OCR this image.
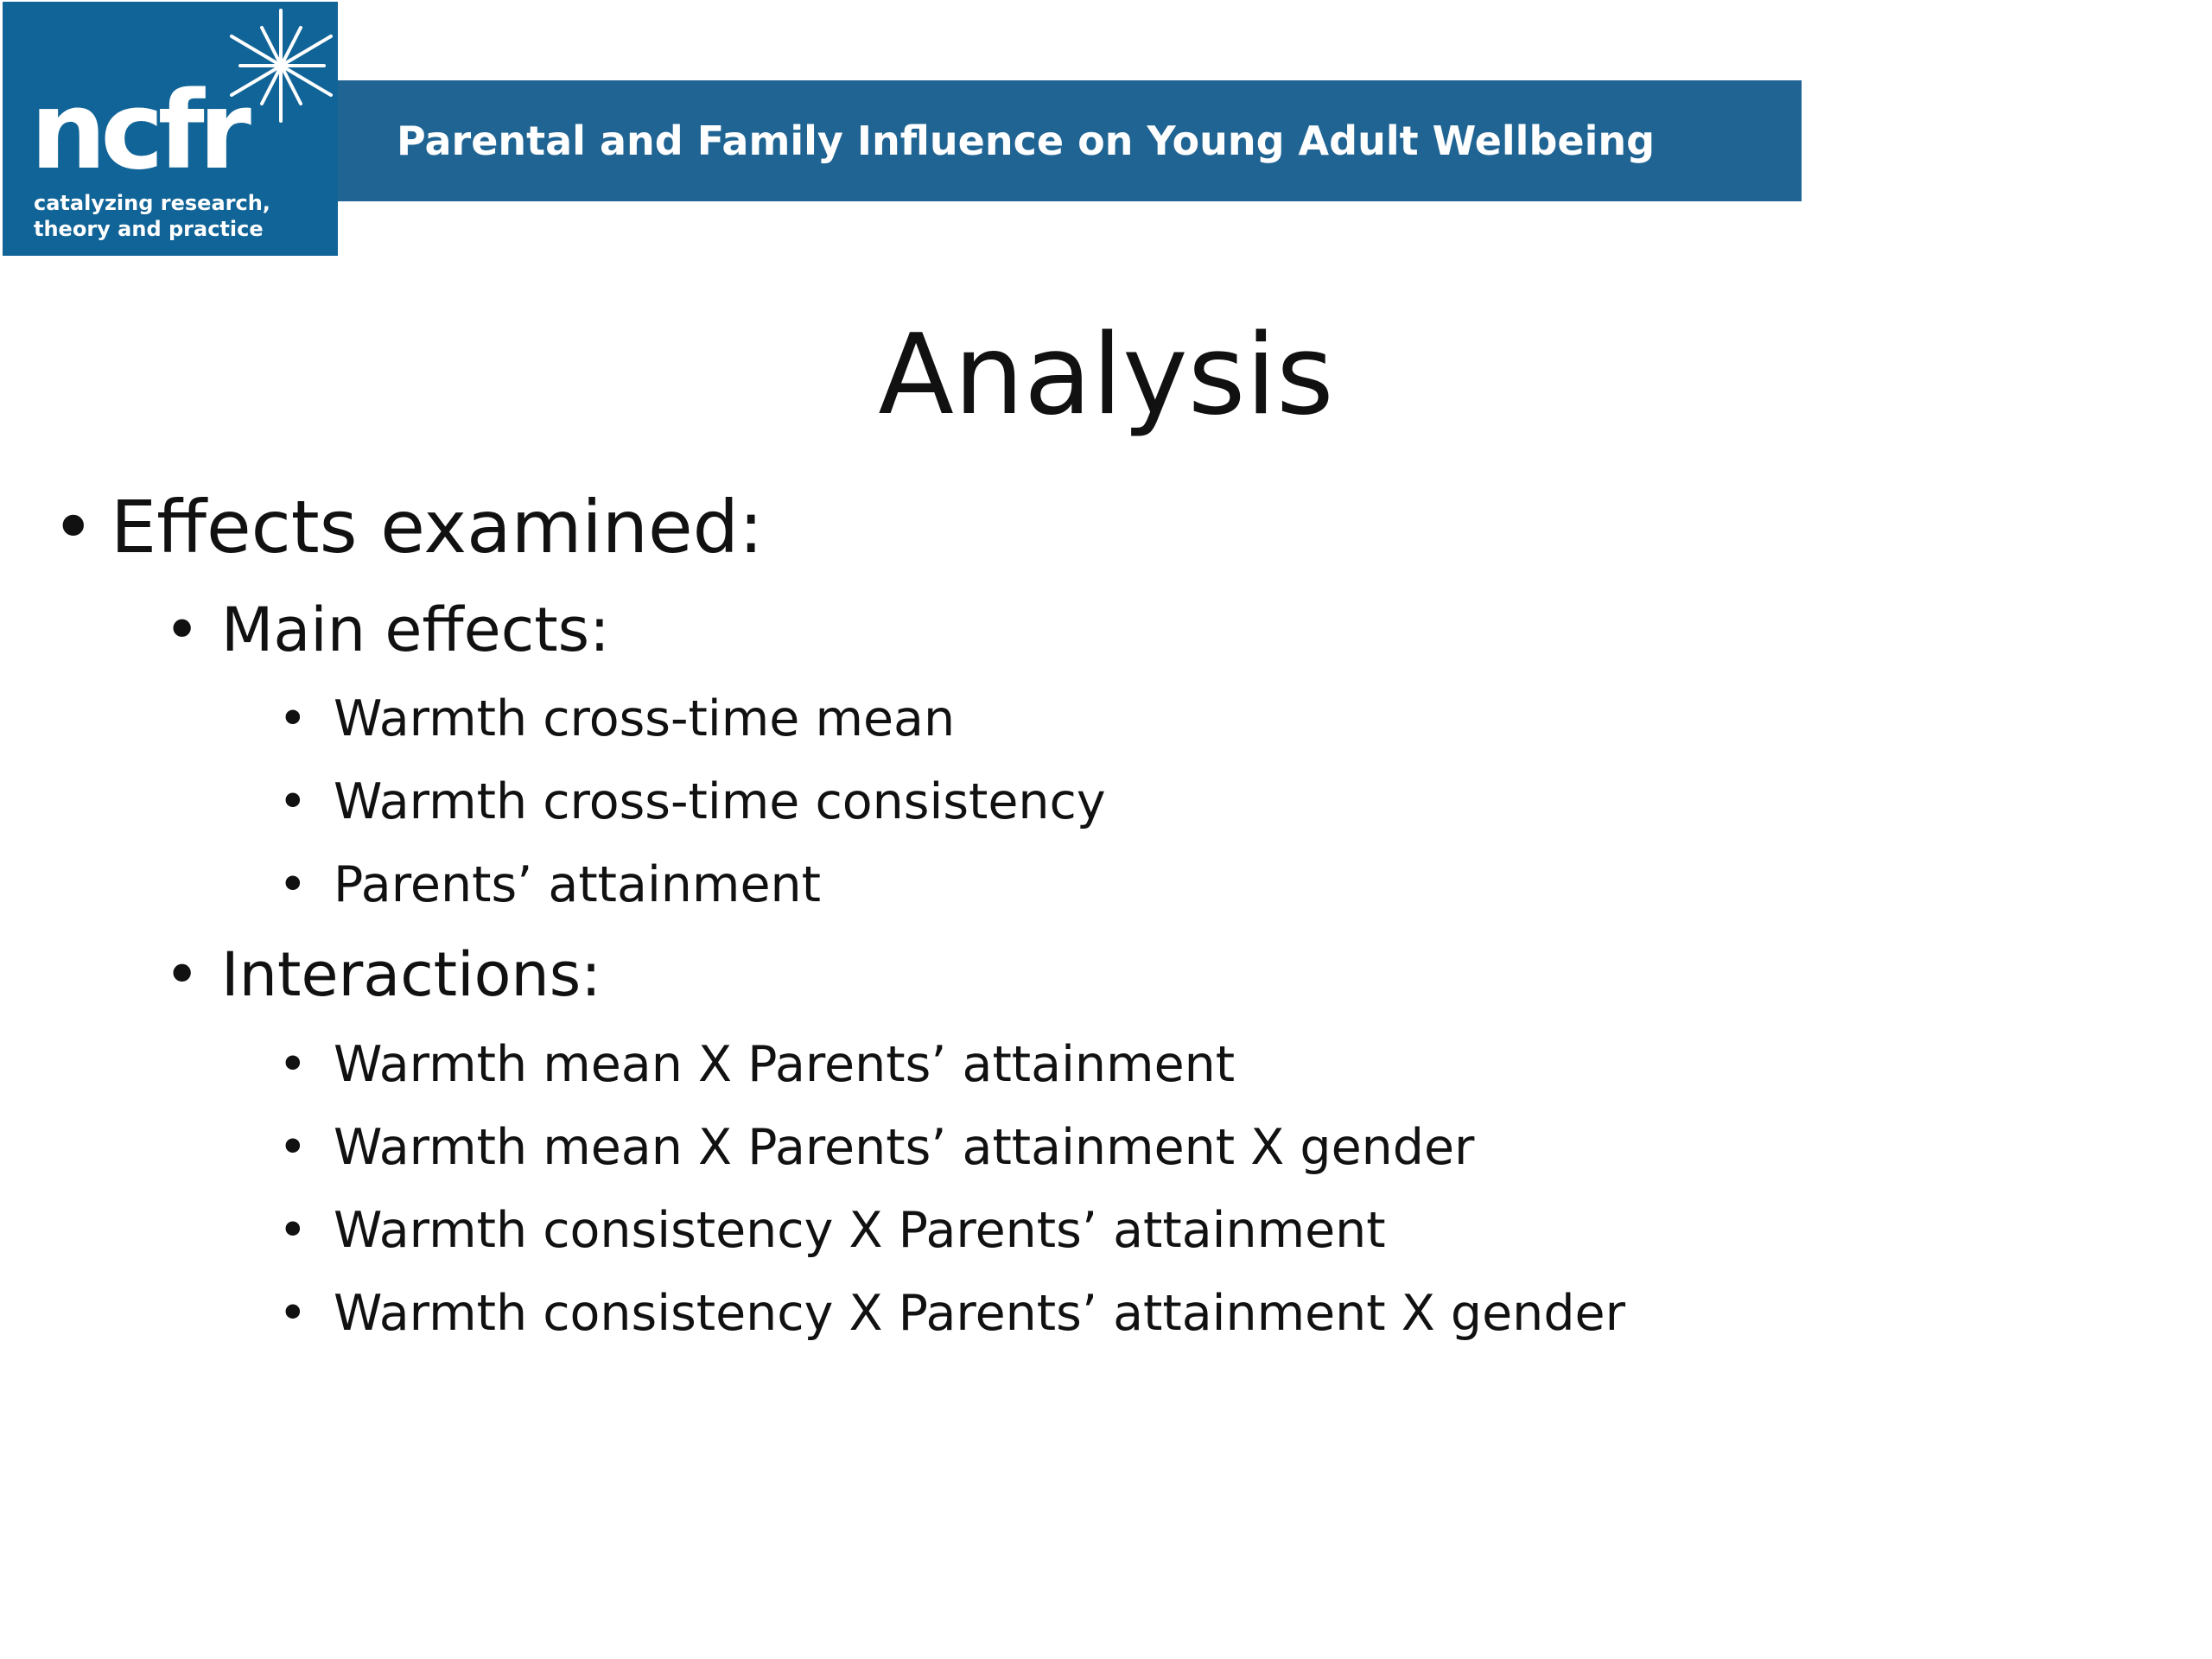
ncfr
catalyzing research,
theory and practice
Parental and Family Influence on Young Adult Wellbeing
Analysis
• Effects examined:
• Main effects:
• Warmth cross-time mean
• Warmth cross-time consistency
• Parents’ attainment
• Interactions:
• Warmth mean X Parents’ attainment
• Warmth mean X Parents’ attainment X gender
• Warmth consistency X Parents’ attainment
• Warmth consistency X Parents’ attainment X gender
